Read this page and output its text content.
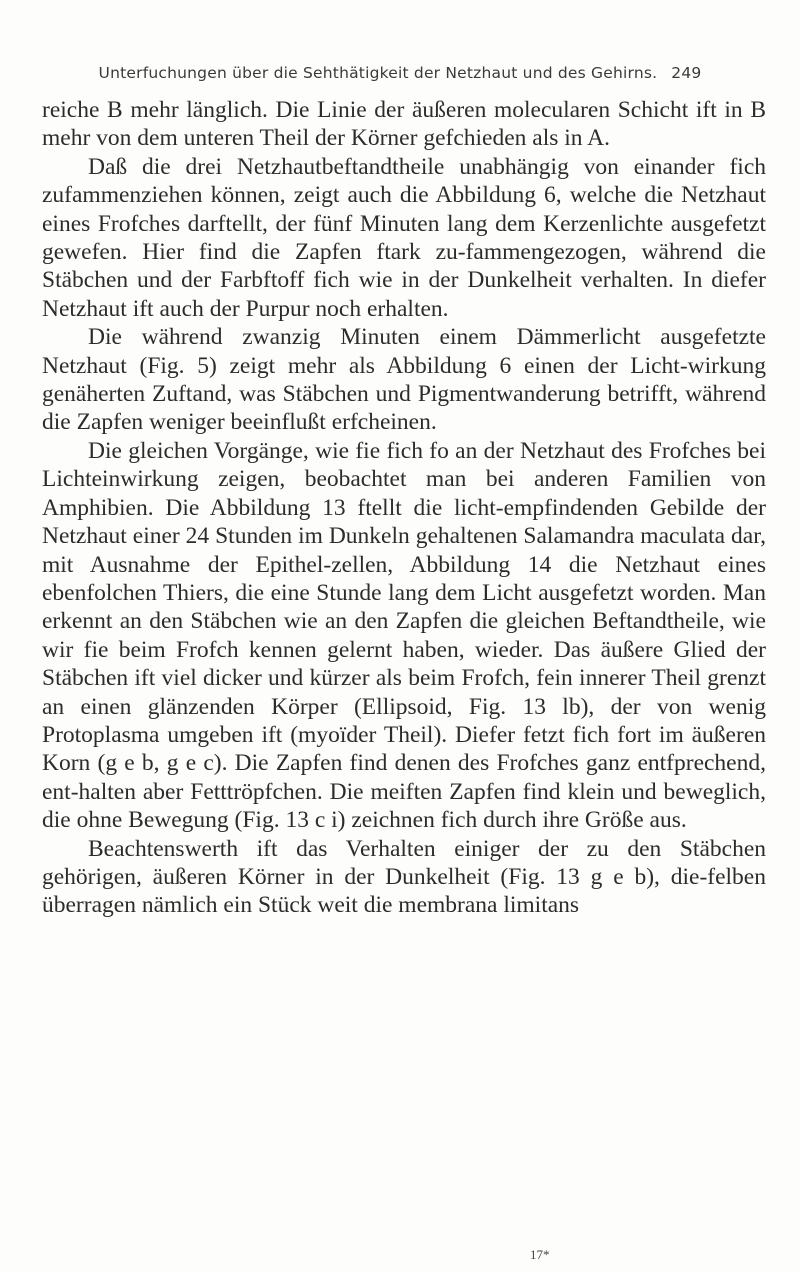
Unterfuchungen über die Sehthätigkeit der Netzhaut und des Gehirns. 249

reiche B mehr länglich. Die Linie der äußeren molecularen Schicht ift in B mehr von dem unteren Theil der Körner gefchieden als in A.

Daß die drei Netzhautbeftandtheile unabhängig von einander fich zufammenziehen können, zeigt auch die Abbildung 6, welche die Netzhaut eines Frofches darftellt, der fünf Minuten lang dem Kerzenlichte ausgefetzt gewefen. Hier find die Zapfen ftark zu-fammengezogen, während die Stäbchen und der Farbftoff fich wie in der Dunkelheit verhalten. In diefer Netzhaut ift auch der Purpur noch erhalten.

Die während zwanzig Minuten einem Dämmerlicht ausgefetzte Netzhaut (Fig. 5) zeigt mehr als Abbildung 6 einen der Licht-wirkung genäherten Zuftand, was Stäbchen und Pigmentwanderung betrifft, während die Zapfen weniger beeinflußt erfcheinen.

Die gleichen Vorgänge, wie fie fich fo an der Netzhaut des Frofches bei Lichteinwirkung zeigen, beobachtet man bei anderen Familien von Amphibien. Die Abbildung 13 ftellt die licht-empfindenden Gebilde der Netzhaut einer 24 Stunden im Dunkeln gehaltenen Salamandra maculata dar, mit Ausnahme der Epithel-zellen, Abbildung 14 die Netzhaut eines ebenfolchen Thiers, die eine Stunde lang dem Licht ausgefetzt worden. Man erkennt an den Stäbchen wie an den Zapfen die gleichen Beftandtheile, wie wir fie beim Frofch kennen gelernt haben, wieder. Das äußere Glied der Stäbchen ift viel dicker und kürzer als beim Frofch, fein innerer Theil grenzt an einen glänzenden Körper (Ellipsoid, Fig. 13 lb), der von wenig Protoplasma umgeben ift (myoïder Theil). Diefer fetzt fich fort im äußeren Korn (g e b, g e c). Die Zapfen find denen des Frofches ganz entfprechend, ent-halten aber Fetttröpfchen. Die meiften Zapfen find klein und beweglich, die ohne Bewegung (Fig. 13 c i) zeichnen fich durch ihre Größe aus.

Beachtenswerth ift das Verhalten einiger der zu den Stäbchen gehörigen, äußeren Körner in der Dunkelheit (Fig. 13 g e b), die-felben überragen nämlich ein Stück weit die membrana limitans

17*
